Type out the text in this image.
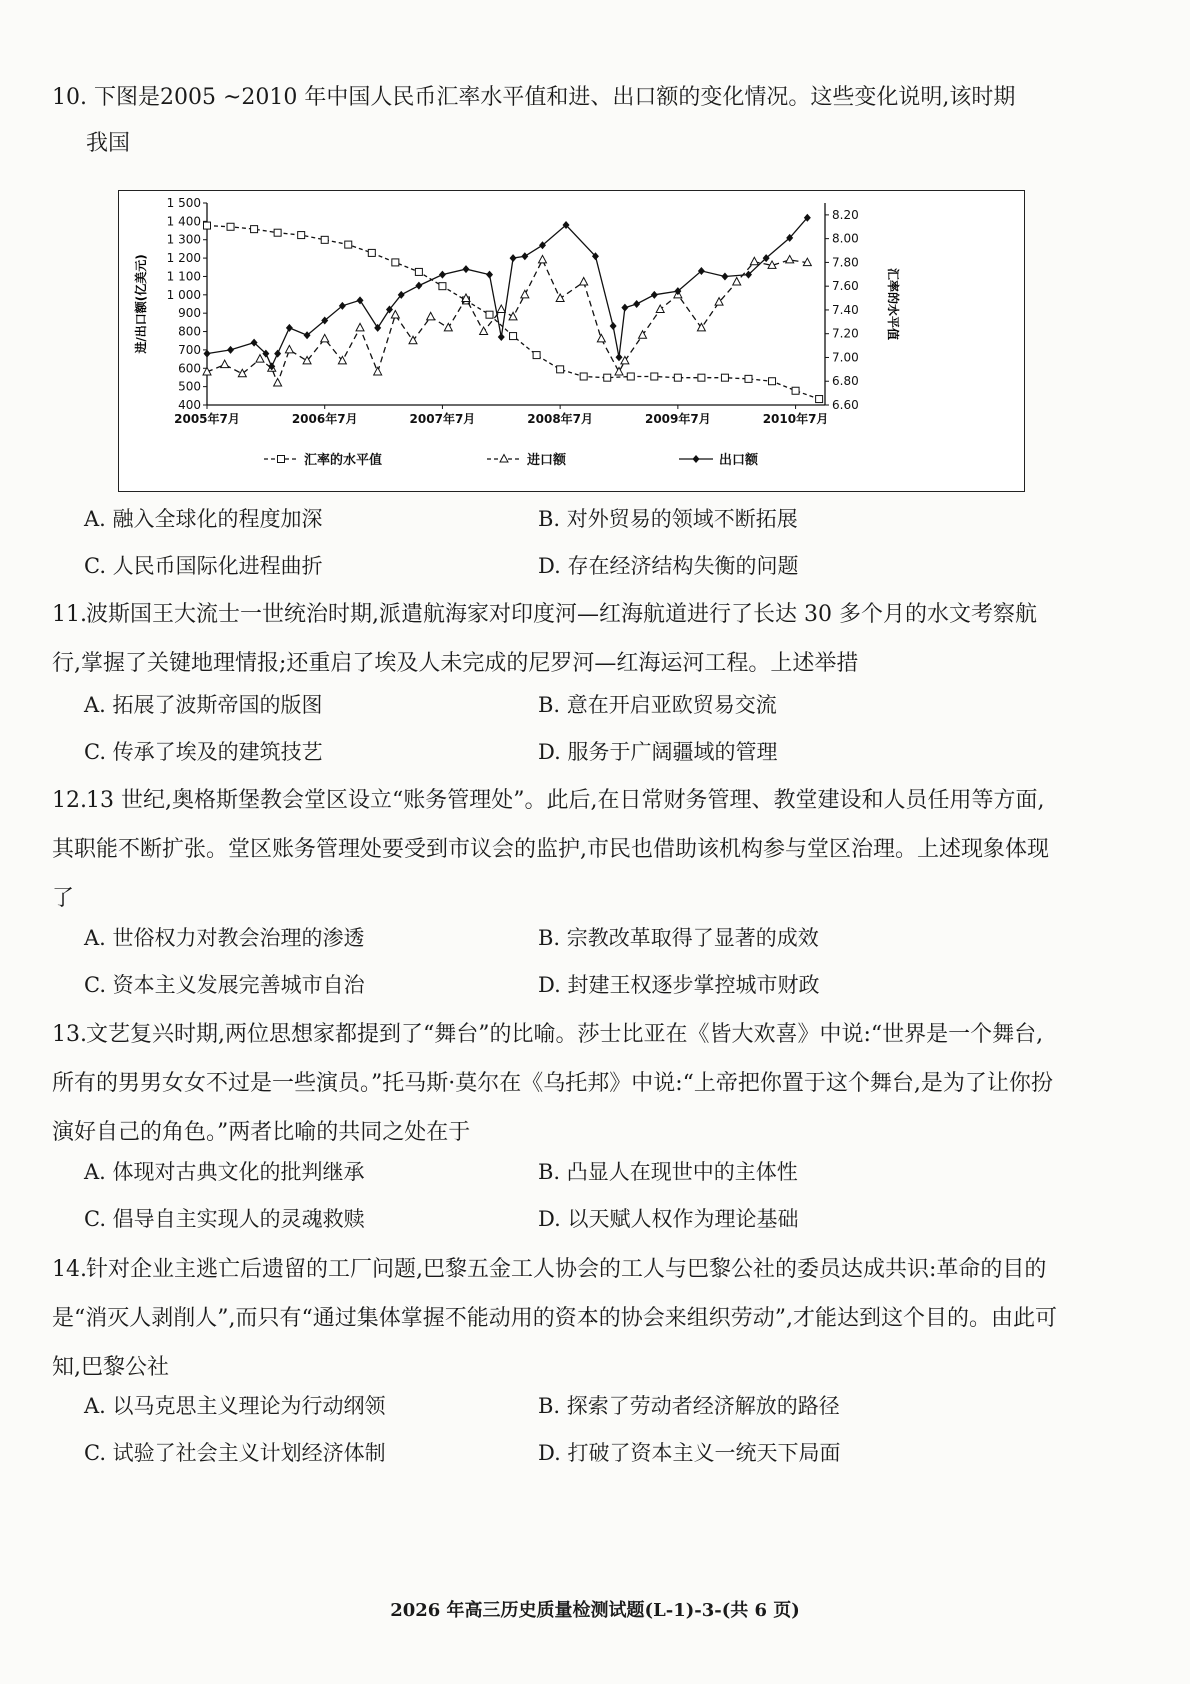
10. 下图是2005 ~2010 年中国人民币汇率水平值和进、出口额的变化情况。这些变化说明,该时期
我国
400
500
600
700
800
900
1 000
1 100
1 200
1 300
1 400
1 500
6.60
6.80
7.00
7.20
7.40
7.60
7.80
8.00
8.20
2005年7月	2006年7月	2007年7月	2008年7月	2009年7月	2010年7月
进/出口额(亿美元)	汇率的水平值
汇率的水平值	进口额	出口额
A. 融入全球化的程度加深	B. 对外贸易的领域不断拓展
C. 人民币国际化进程曲折	D. 存在经济结构失衡的问题
11.波斯国王大流士一世统治时期,派遣航海家对印度河—红海航道进行了长达 30 多个月的水文考察航行,掌握了关键地理情报;还重启了埃及人未完成的尼罗河—红海运河工程。上述举措
A. 拓展了波斯帝国的版图	B. 意在开启亚欧贸易交流
C. 传承了埃及的建筑技艺	D. 服务于广阔疆域的管理
12.13 世纪,奥格斯堡教会堂区设立“账务管理处”。此后,在日常财务管理、教堂建设和人员任用等方面,其职能不断扩张。堂区账务管理处要受到市议会的监护,市民也借助该机构参与堂区治理。上述现象体现了
A. 世俗权力对教会治理的渗透	B. 宗教改革取得了显著的成效
C. 资本主义发展完善城市自治	D. 封建王权逐步掌控城市财政
13.文艺复兴时期,两位思想家都提到了“舞台”的比喻。莎士比亚在《皆大欢喜》中说:“世界是一个舞台,所有的男男女女不过是一些演员。”托马斯·莫尔在《乌托邦》中说:“上帝把你置于这个舞台,是为了让你扮演好自己的角色。”两者比喻的共同之处在于
A. 体现对古典文化的批判继承	B. 凸显人在现世中的主体性
C. 倡导自主实现人的灵魂救赎	D. 以天赋人权作为理论基础
14.针对企业主逃亡后遗留的工厂问题,巴黎五金工人协会的工人与巴黎公社的委员达成共识:革命的目的是“消灭人剥削人”,而只有“通过集体掌握不能动用的资本的协会来组织劳动”,才能达到这个目的。由此可知,巴黎公社
A. 以马克思主义理论为行动纲领	B. 探索了劳动者经济解放的路径
C. 试验了社会主义计划经济体制	D. 打破了资本主义一统天下局面
2026 年高三历史质量检测试题(L-1)-3-(共 6 页)
